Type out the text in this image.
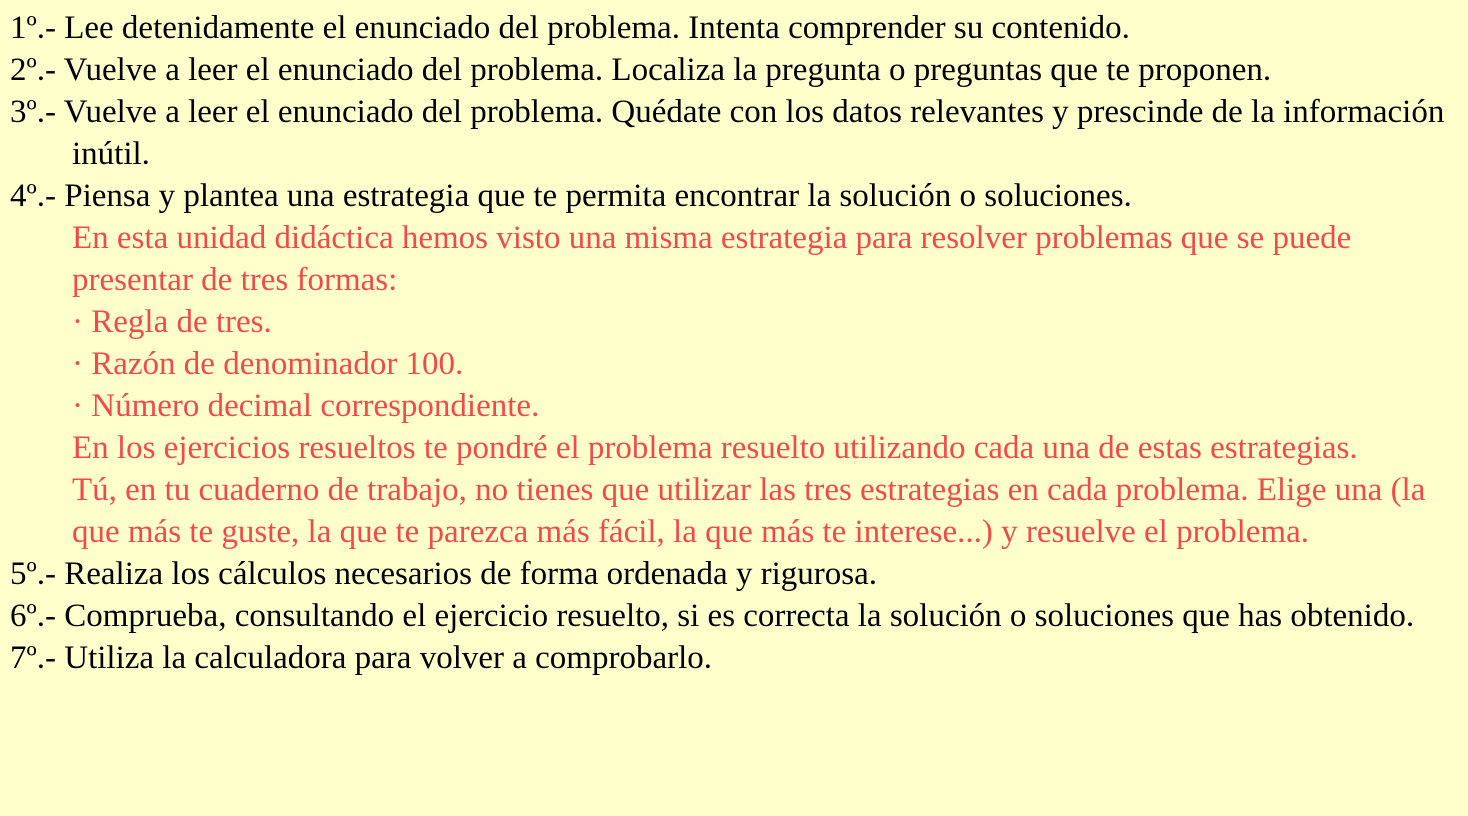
1º.- Lee detenidamente el enunciado del problema. Intenta comprender su contenido.

2º.- Vuelve a leer el enunciado del problema. Localiza la pregunta o preguntas que te proponen.

3º.- Vuelve a leer el enunciado del problema. Quédate con los datos relevantes y prescinde de la información inútil.

4º.- Piensa y plantea una estrategia que te permita encontrar la solución o soluciones.

En esta unidad didáctica hemos visto una misma estrategia para resolver problemas que se puede presentar de tres formas:

· Regla de tres.

· Razón de denominador 100.

· Número decimal correspondiente.

En los ejercicios resueltos te pondré el problema resuelto utilizando cada una de estas estrategias.

Tú, en tu cuaderno de trabajo, no tienes que utilizar las tres estrategias en cada problema. Elige una (la que más te guste, la que te parezca más fácil, la que más te interese...) y resuelve el problema.

5º.- Realiza los cálculos necesarios de forma ordenada y rigurosa.

6º.- Comprueba, consultando el ejercicio resuelto, si es correcta la solución o soluciones que has obtenido.

7º.- Utiliza la calculadora para volver a comprobarlo.
